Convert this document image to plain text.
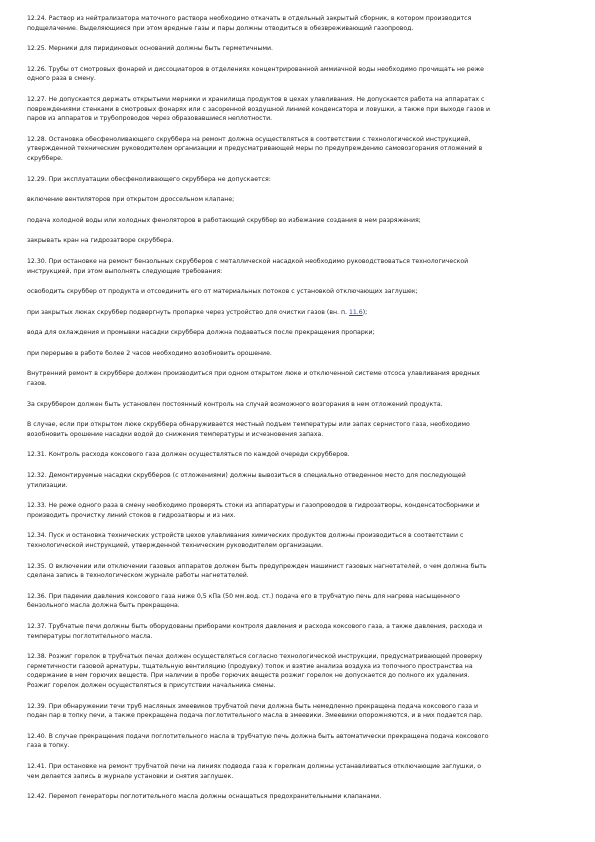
12.24. Раствор из нейтрализатора маточного раствора необходимо откачать в отдельный закрытый сборник, в котором производится
подщелачение. Выделяющиеся при этом вредные газы и пары должны отводиться в обезвреживающий газопровод.
12.25. Мерники для пиридиновых оснований должны быть герметичными.
12.26. Трубы от смотровых фонарей и диссоциаторов в отделениях концентрированной аммиачной воды необходимо прочищать не реже
одного раза в смену.
12.27. Не допускается держать открытыми мерники и хранилища продуктов в цехах улавливания. Не допускается работа на аппаратах с
повреждениями стенками в смотровых фонарях или с засоренной воздушной линией конденсатора и ловушки, а также при выходе газов и
паров из аппаратов и трубопроводов через образовавшиеся неплотности.
12.28. Остановка обесфеноливающего скруббера на ремонт должна осуществляться в соответствии с технологической инструкцией,
утвержденной техническим руководителем организации и предусматривающей меры по предупреждению самовозгорания отложений в
скруббере.
12.29. При эксплуатации обесфеноливающего скруббера не допускается:
включение вентиляторов при открытом дроссельном клапане;
подача холодной воды или холодных феноляторов в работающий скруббер во избежание создания в нем разряжения;
закрывать кран на гидрозатворе скруббера.
12.30. При остановке на ремонт бензольных скрубберов с металлической насадкой необходимо руководствоваться технологической
инструкцией, при этом выполнять следующие требования:
освободить скруббер от продукта и отсоединить его от материальных потоков с установкой отключающих заглушек;
при закрытых люках скруббер подвергнуть пропарке через устройство для очистки газов (вн. п. 11.6);
вода для охлаждения и промывки насадки скруббера должна подаваться после прекращения пропарки;
при перерыве в работе более 2 часов необходимо возобновить орошение.
Внутренний ремонт в скруббере должен производиться при одном открытом люке и отключенной системе отсоса улавливания вредных
газов.
За скруббером должен быть установлен постоянный контроль на случай возможного возгорания в нем отложений продукта.
В случае, если при открытом люке скруббера обнаруживается местный подъем температуры или запах сернистого газа, необходимо
возобновить орошение насадки водой до снижения температуры и исчезновения запаха.
12.31. Контроль расхода коксового газа должен осуществляться по каждой очереди скрубберов.
12.32. Демонтируемые насадки скрубберов (с отложениями) должны вывозиться в специально отведенное место для последующей
утилизации.
12.33. Не реже одного раза в смену необходимо проверять стоки из аппаратуры и газопроводов в гидрозатворы, конденсатосборники и
производить прочистку линий стоков в гидрозатворы и из них.
12.34. Пуск и остановка технических устройств цехов улавливания химических продуктов должны производиться в соответствии с
технологической инструкцией, утвержденной техническим руководителем организации.
12.35. О включении или отключении газовых аппаратов должен быть предупрежден машинист газовых нагнетателей, о чем должна быть
сделана запись в технологическом журнале работы нагнетателей.
12.36. При падении давления коксового газа ниже 0,5 кПа (50 мм.вод. ст.) подача его в трубчатую печь для нагрева насыщенного
бензольного масла должна быть прекращена.
12.37. Трубчатые печи должны быть оборудованы приборами контроля давления и расхода коксового газа, а также давления, расхода и
температуры поглотительного масла.
12.38. Розжиг горелок в трубчатых печах должен осуществляться согласно технологической инструкции, предусматривающей проверку
герметичности газовой арматуры, тщательную вентиляцию (продувку) топок и взятие анализа воздуха из топочного пространства на
содержание в нем горючих веществ. При наличии в пробе горючих веществ розжиг горелок не допускается до полного их удаления.
Розжиг горелок должен осуществляться в присутствии начальника смены.
12.39. При обнаружении течи труб масляных змеевиков трубчатой печи должна быть немедленно прекращена подача коксового газа и
подан пар в топку печи, а также прекращена подача поглотительного масла в змеевики. Змеевики опорожняются, и в них подается пар.
12.40. В случае прекращения подачи поглотительного масла в трубчатую печь должна быть автоматически прекращена подача коксового
газа в топку.
12.41. При остановке на ремонт трубчатой печи на линиях подвода газа к горелкам должны устанавливаться отключающие заглушки, о
чем делается запись в журнале установки и снятия заглушек.
12.42. Перемоп генераторы поглотительного масла должны оснащаться предохранительными клапанами.
